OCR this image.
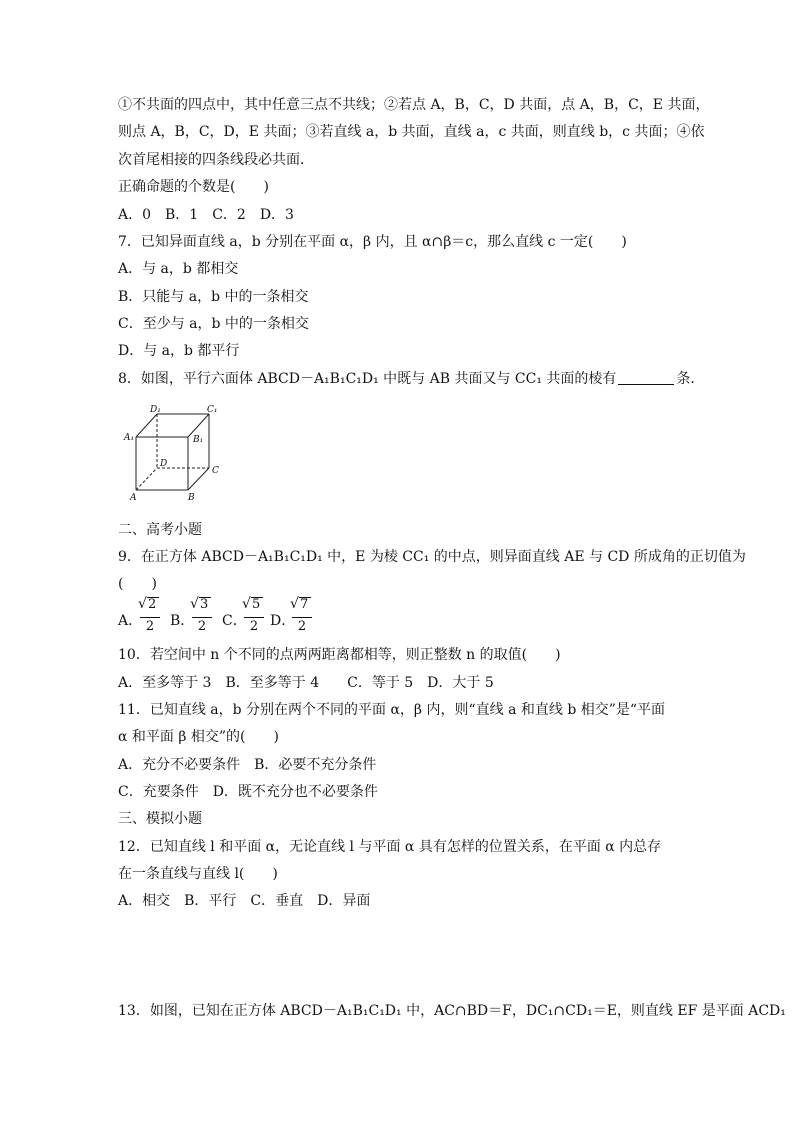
①不共面的四点中，其中任意三点不共线；②若点 A，B，C，D 共面，点 A，B，C，E 共面，
则点 A，B，C，D，E 共面；③若直线 a，b 共面，直线 a，c 共面，则直线 b，c 共面；④依
次首尾相接的四条线段必共面．
正确命题的个数是(　　)
A．0　B．1　C．2　D．3
7．已知异面直线 a，b 分别在平面 α，β 内，且 α∩β＝c，那么直线 c 一定(　　)
A．与 a，b 都相交
B．只能与 a，b 中的一条相交
C．至少与 a，b 中的一条相交
D．与 a，b 都平行
8．如图，平行六面体 ABCD－A₁B₁C₁D₁ 中既与 AB 共面又与 CC₁ 共面的棱有	条．
D₁	C₁
A₁	B₁
D
C
A	B
二、高考小题
9．在正方体 ABCD－A₁B₁C₁D₁ 中，E 为棱 CC₁ 的中点，则异面直线 AE 与 CD 所成角的正切值为
(　　)
A．
√ 2
2	B．
√ 3
2	C．
√ 5
2 D．
√ 7
2
10．若空间中 n 个不同的点两两距离都相等，则正整数 n 的取值(　　)
A．至多等于 3　B．至多等于 4　　C．等于 5　D．大于 5
11．已知直线 a，b 分别在两个不同的平面 α，β 内，则“直线 a 和直线 b 相交”是“平面
α 和平面 β 相交”的(　　)
A．充分不必要条件　B．必要不充分条件
C．充要条件　D．既不充分也不必要条件
三、模拟小题
12．已知直线 l 和平面 α，无论直线 l 与平面 α 具有怎样的位置关系，在平面 α 内总存
在一条直线与直线 l(　　)
A．相交　B．平行　C．垂直　D．异面
13．如图，已知在正方体 ABCD－A₁B₁C₁D₁ 中，AC∩BD＝F，DC₁∩CD₁＝E，则直线 EF 是平面 ACD₁
